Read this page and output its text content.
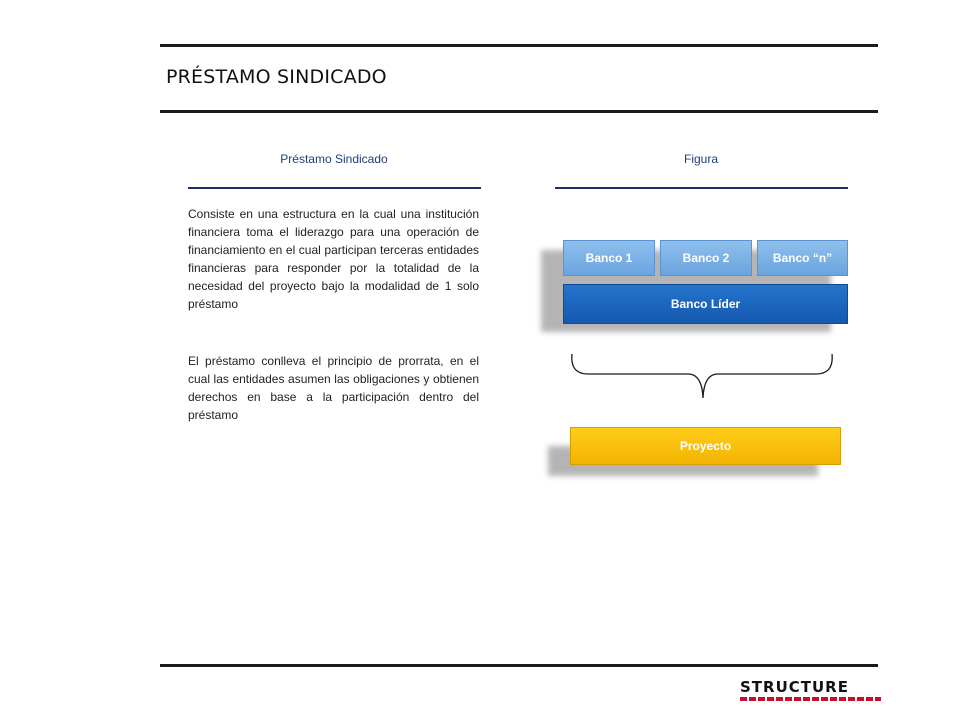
PRÉSTAMO SINDICADO
Préstamo Sindicado	Figura
Consiste en una estructura en la cual una institución financiera toma el liderazgo para una operación de financiamiento en el cual participan terceras entidades financieras para responder por la totalidad de la necesidad del proyecto bajo la modalidad de 1 solo préstamo
El préstamo conlleva el principio de prorrata, en el cual las entidades asumen las obligaciones y obtienen derechos en base a la participación dentro del préstamo
Banco 1	Banco 2	Banco “n”
Banco Líder
Proyecto
STRUCTURE
